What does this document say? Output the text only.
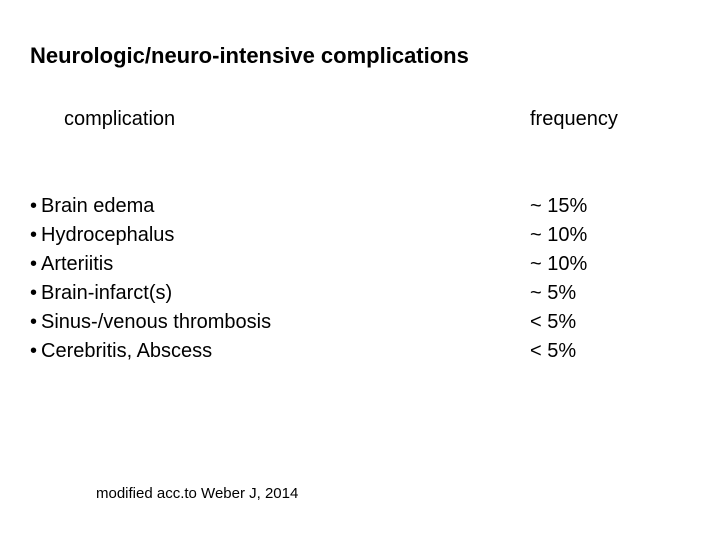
Neurologic/neuro-intensive complications
complication	frequency
• Brain edema
• Hydrocephalus
• Arteriitis
• Brain-infarct(s)
• Sinus-/venous thrombosis
• Cerebritis, Abscess
~ 15%
~ 10%
~ 10%
~ 5%
< 5%
< 5%
modified acc.to Weber J, 2014
